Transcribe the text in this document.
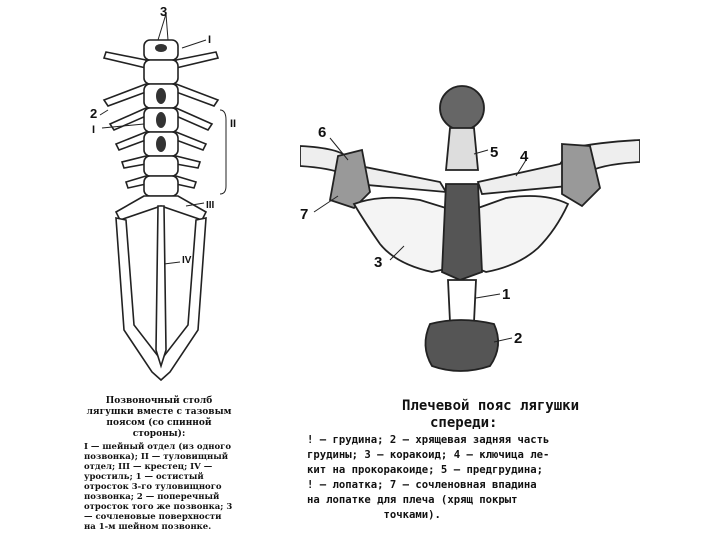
3
I
2
I	II
III
IV
Позвоночный столб лягушки вместе с тазовым поясом (со спинной стороны):
I — шейный отдел (из одного позвонка); II — туловищный отдел; III — крестец; IV — уростиль; 1 — остистый отросток 3-го туловищного позвонка; 2 — поперечный отросток того же позвонка; 3 — сочленовые поверхности на 1-м шейном позвонке.
6
5 4
7
3
1
2
Плечевой пояс лягушки
спереди:
! — грудина; 2 — хрящевая задняя часть
грудины; 3 — коракоид; 4 — ключица ле-
кит на прокоракоиде; 5 — предгрудина;
! — лопатка; 7 — сочленовная впадина
на лопатке для плеча (хрящ покрыт
точками).
